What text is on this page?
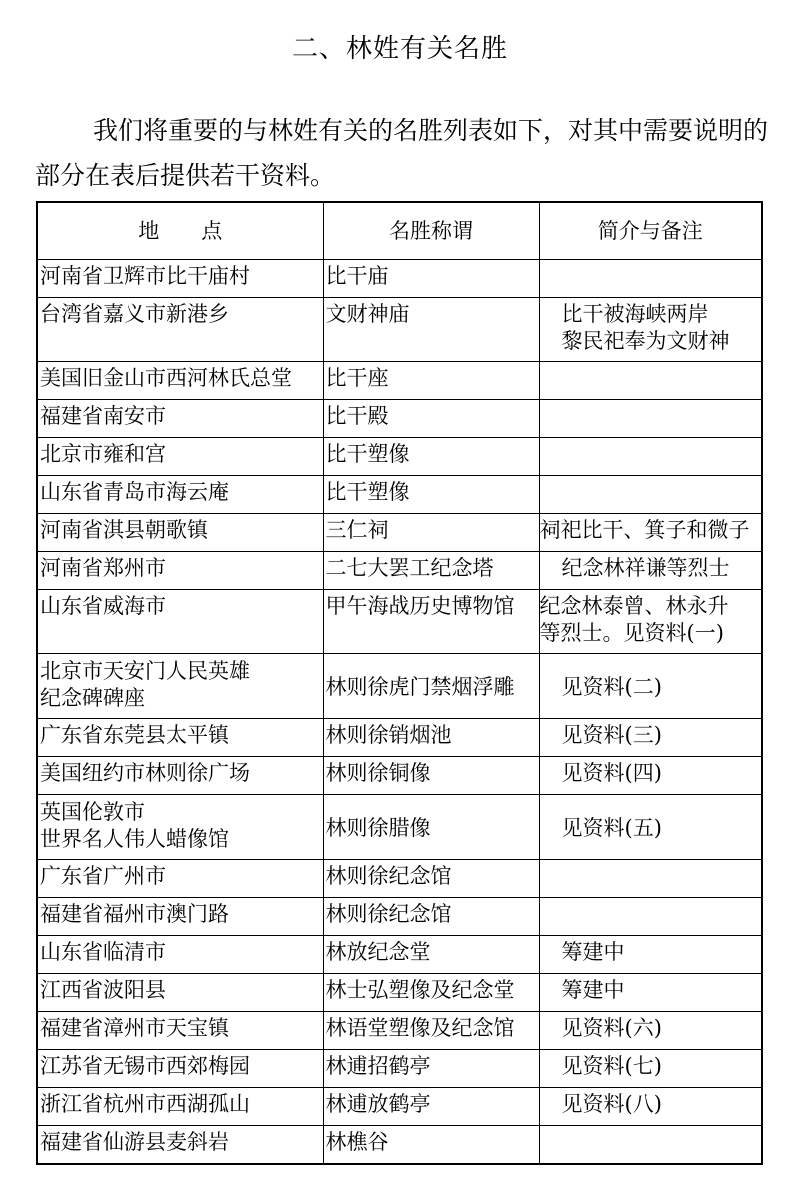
二、林姓有关名胜
我们将重要的与林姓有关的名胜列表如下，对其中需要说明的部分在表后提供若干资料。
地　　点	名胜称谓	简介与备注

河南省卫辉市比干庙村	比干庙	

台湾省嘉义市新港乡	文财神庙	比干被海峡两岸
黎民祀奉为文财神

美国旧金山市西河林氏总堂	比干座	

福建省南安市	比干殿	

北京市雍和宫	比干塑像	

山东省青岛市海云庵	比干塑像	

河南省淇县朝歌镇	三仁祠	祠祀比干、箕子和微子

河南省郑州市	二七大罢工纪念塔	纪念林祥谦等烈士

山东省威海市	甲午海战历史博物馆	纪念林泰曾、林永升
等烈士。见资料(一)

北京市天安门人民英雄
纪念碑碑座	林则徐虎门禁烟浮雕	见资料(二)

广东省东莞县太平镇	林则徐销烟池	见资料(三)

美国纽约市林则徐广场	林则徐铜像	见资料(四)

英国伦敦市
世界名人伟人蜡像馆	林则徐腊像	见资料(五)

广东省广州市	林则徐纪念馆	

福建省福州市澳门路	林则徐纪念馆	

山东省临清市	林放纪念堂	筹建中

江西省波阳县	林士弘塑像及纪念堂	筹建中

福建省漳州市天宝镇	林语堂塑像及纪念馆	见资料(六)

江苏省无锡市西郊梅园	林逋招鹤亭	见资料(七)

浙江省杭州市西湖孤山	林逋放鹤亭	见资料(八)

福建省仙游县麦斜岩	林樵谷	
